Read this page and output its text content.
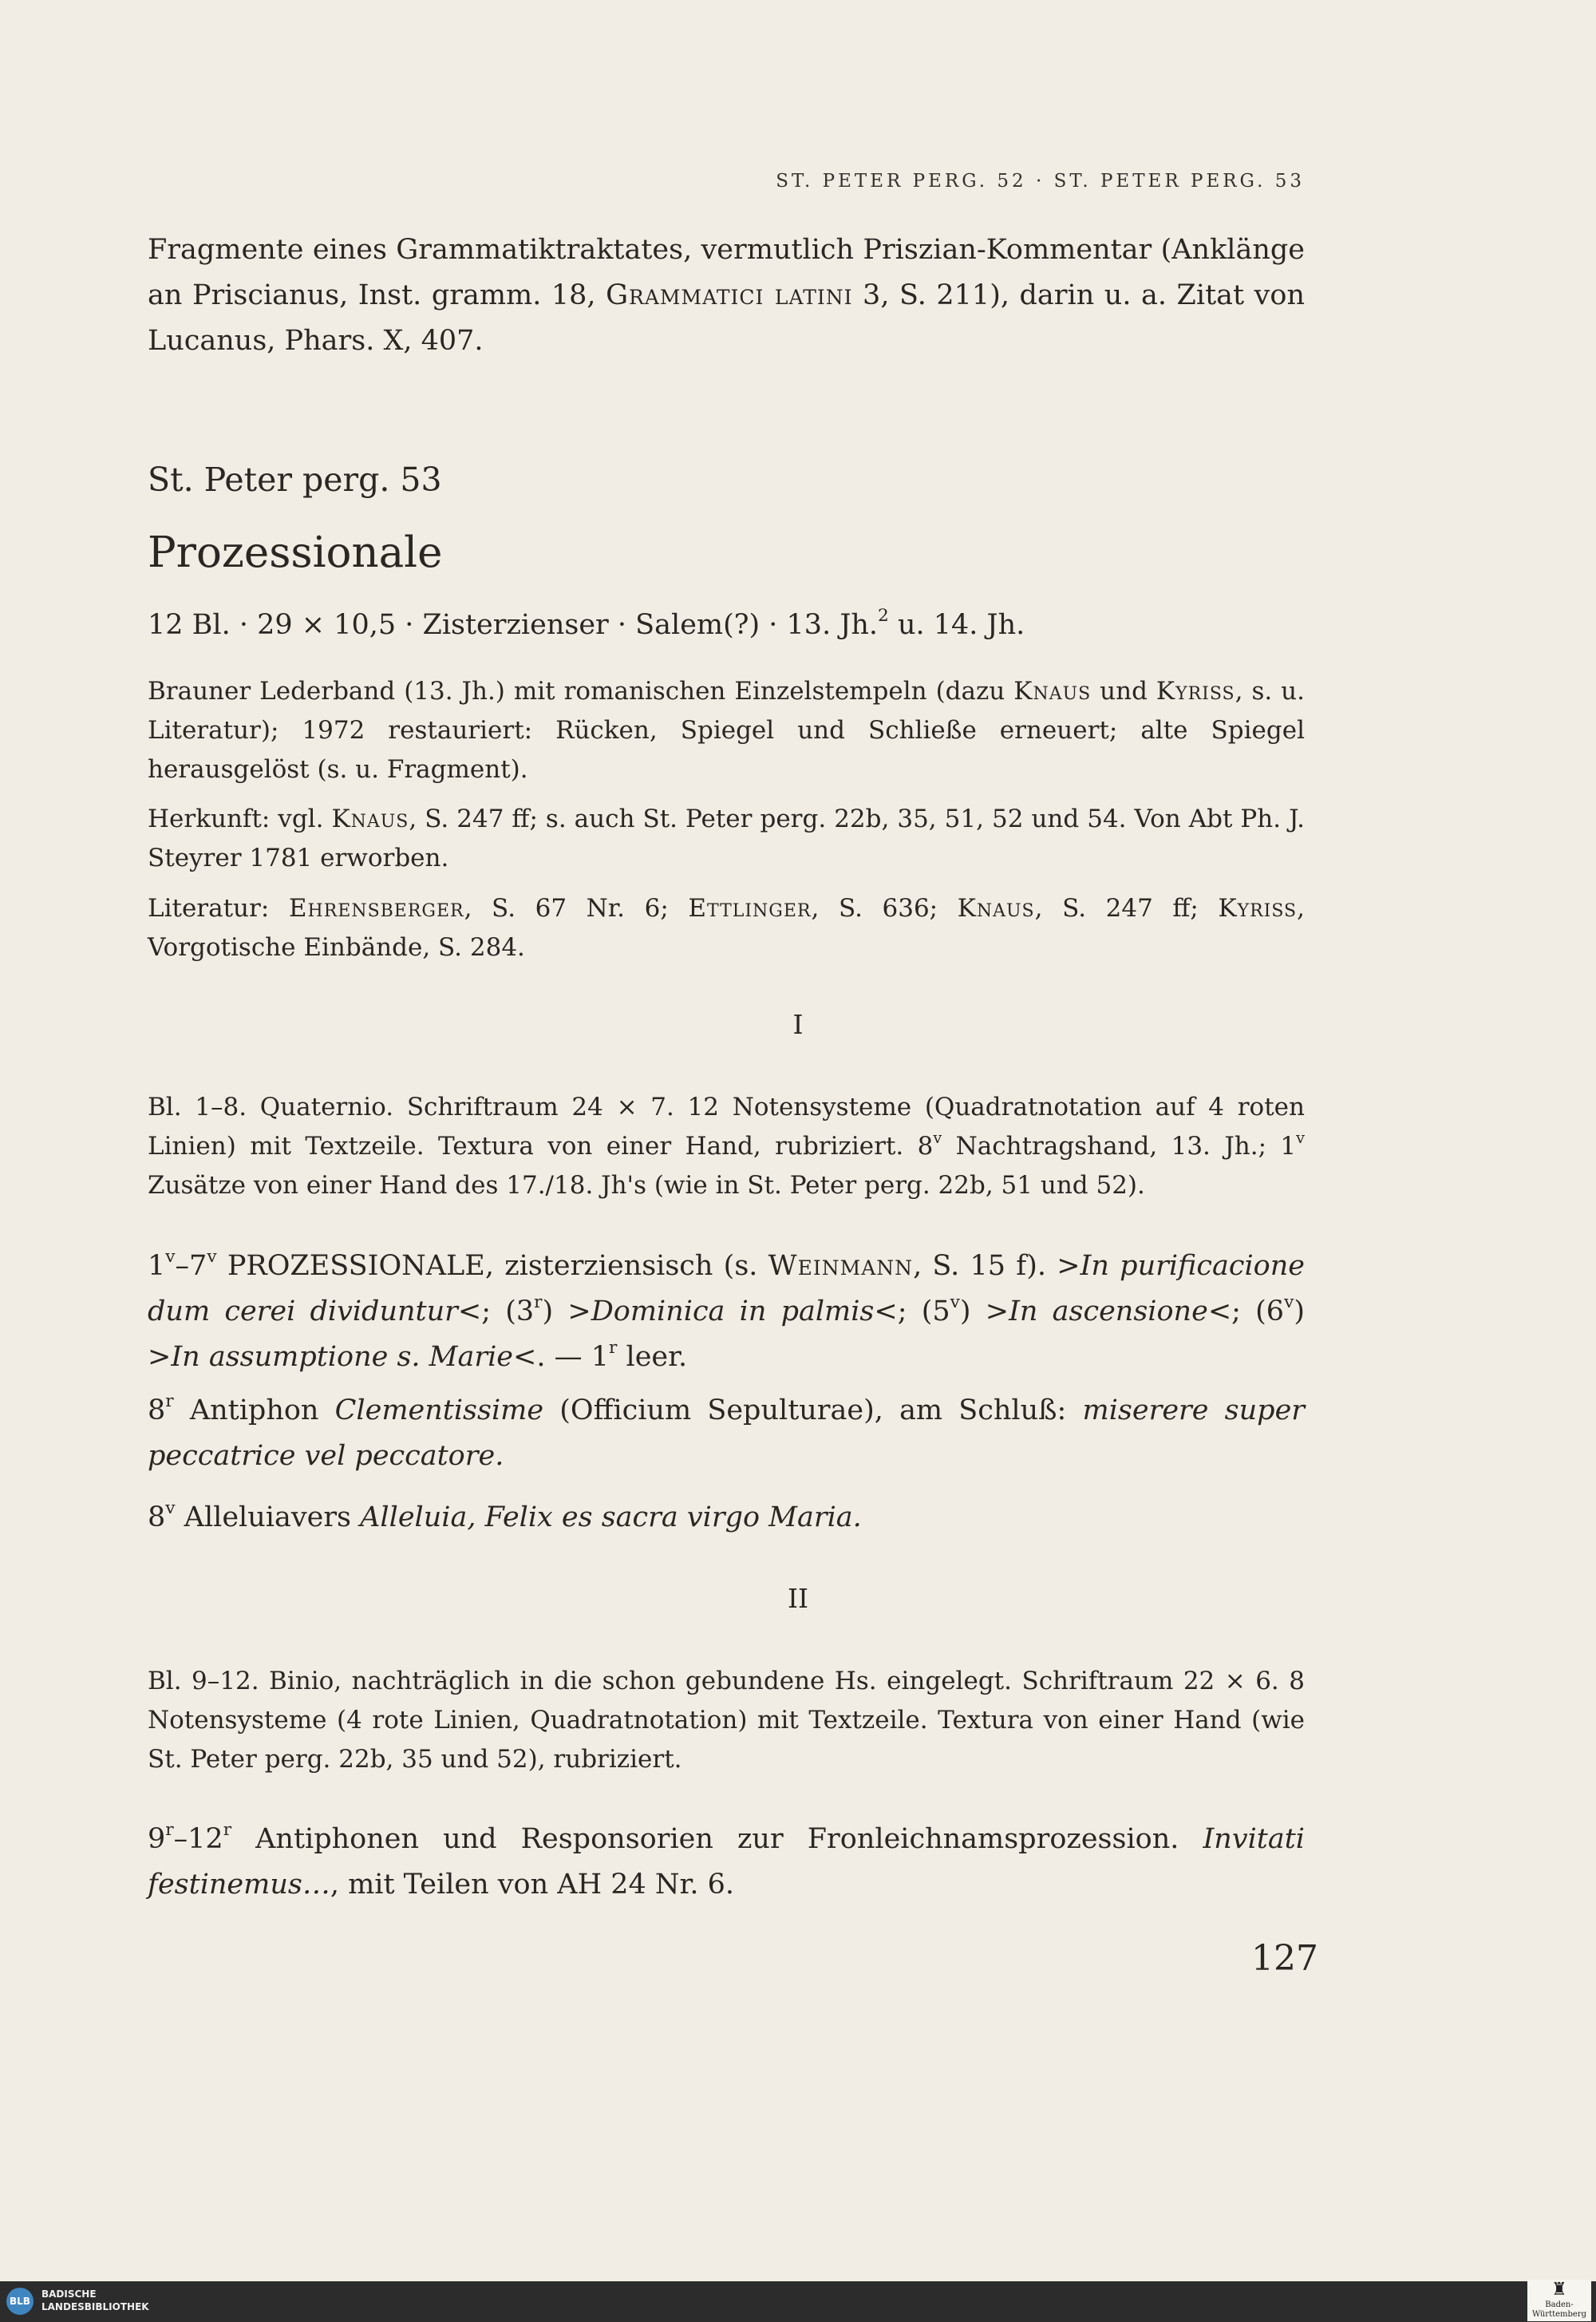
ST. PETER PERG. 52 · ST. PETER PERG. 53
Fragmente eines Grammatiktraktates, vermutlich Priszian-Kommentar (Anklänge an Priscianus, Inst. gramm. 18, Grammatici latini 3, S. 211), darin u. a. Zitat von Lucanus, Phars. X, 407.
St. Peter perg. 53
Prozessionale
12 Bl. · 29 × 10,5 · Zisterzienser · Salem(?) · 13. Jh.$^2$ u. 14. Jh.
Brauner Lederband (13. Jh.) mit romanischen Einzelstempeln (dazu Knaus und Kyriss, s. u. Literatur); 1972 restauriert: Rücken, Spiegel und Schließe erneuert; alte Spiegel herausgelöst (s. u. Fragment).
Herkunft: vgl. Knaus, S. 247 ff; s. auch St. Peter perg. 22b, 35, 51, 52 und 54. Von Abt Ph. J. Steyrer 1781 erworben.
Literatur: Ehrensberger, S. 67 Nr. 6; Ettlinger, S. 636; Knaus, S. 247 ff; Kyriss, Vorgotische Einbände, S. 284.
I
Bl. 1–8. Quaternio. Schriftraum 24 × 7. 12 Notensysteme (Quadratnotation auf 4 roten Linien) mit Textzeile. Textura von einer Hand, rubriziert. 8$^v$ Nachtragshand, 13. Jh.; 1$^v$ Zusätze von einer Hand des 17./18. Jh's (wie in St. Peter perg. 22b, 51 und 52).
1$^v$–7$^v$ PROZESSIONALE, zisterziensisch (s. Weinmann, S. 15 f). >In purificacione dum cerei dividuntur<; $(3^r)$ >Dominica in palmis<; $(5^v) >In$ ascensione<; $(6^v) >In$ assumptione s. Marie<. — 1$^r$ leer.
8$^r$ Antiphon Clementissime (Officium Sepulturae), am Schluß: miserere super peccatrice vel peccatore.
8$^v$ Alleluiavers Alleluia, Felix es sacra virgo Maria.
II
Bl. 9–12. Binio, nachträglich in die schon gebundene Hs. eingelegt. Schriftraum 22 × 6. 8 Notensysteme (4 rote Linien, Quadratnotation) mit Textzeile. Textura von einer Hand (wie St. Peter perg. 22b, 35 und 52), rubriziert.
9$^r$–12$^r$ Antiphonen und Responsorien zur Fronleichnamsprozession. Invitati festinemus…, mit Teilen von AH 24 Nr. 6.
127
BLB
BADISCHE
LANDESBIBLIOTHEK
♜
Baden-Württemberg
